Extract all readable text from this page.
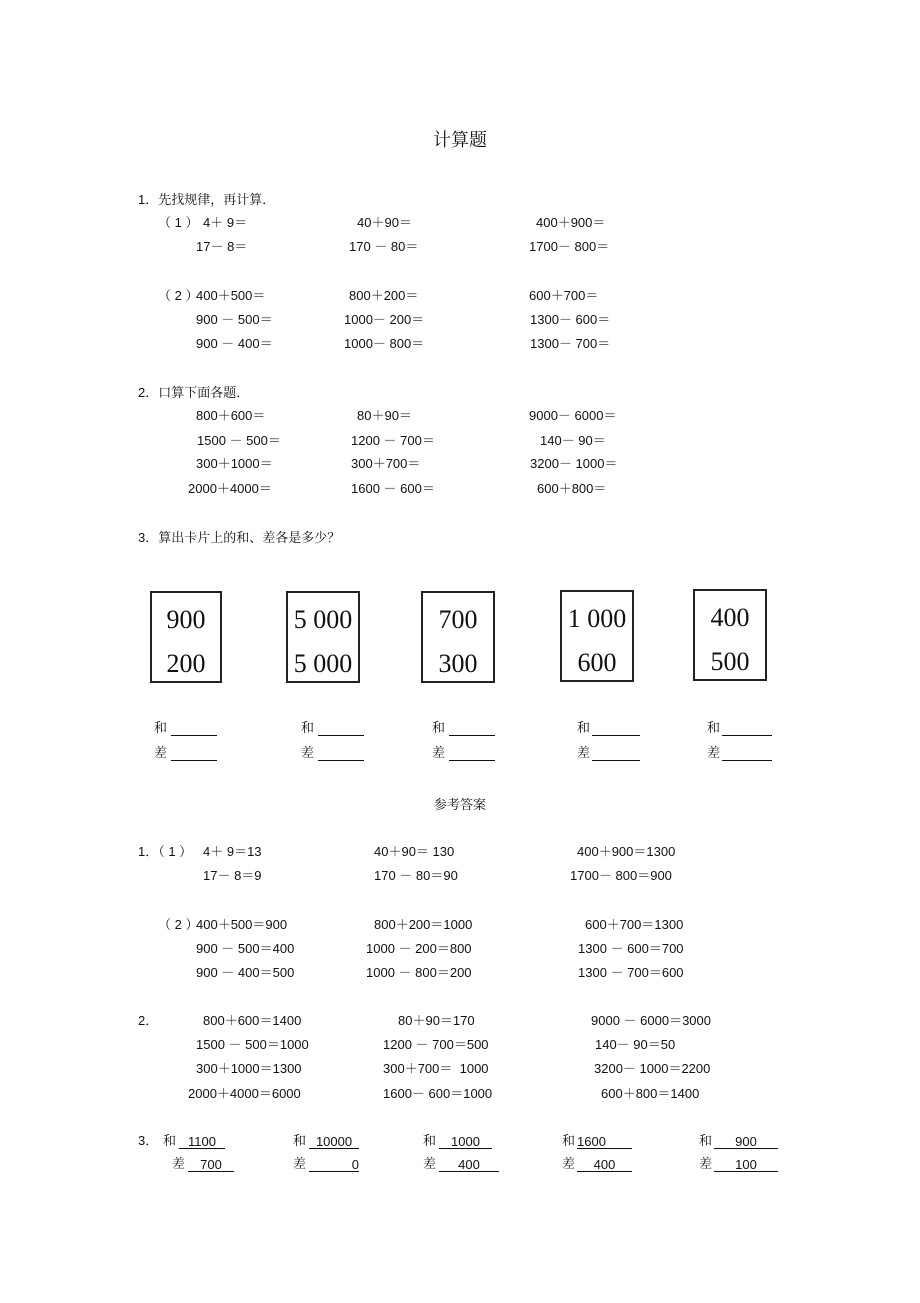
计算题
1．先找规律，再计算．
（ 1 ） 4＋ 9＝	40＋90＝	400＋900＝
17－ 8＝	170 － 80＝	1700－ 800＝
（ 2 ）
400＋500＝	800＋200＝	600＋700＝
900 － 500＝	1000－ 200＝	1300－ 600＝
900 － 400＝	1000－ 800＝	1300－ 700＝
2．口算下面各题．
800＋600＝	80＋90＝	9000－ 6000＝
1500 － 500＝	1200 － 700＝	140－ 90＝
300＋1000＝	300＋700＝	3200－ 1000＝
2000＋4000＝	1600 － 600＝	600＋800＝
3．算出卡片上的和、差各是多少？
900
200
5 000
5 000
700
300
1 000
600
400
500
和
差
和
差
和
差
和
差
和
差
参考答案
1．（ 1 ） 4＋ 9＝13	40＋90＝ 130	400＋900＝1300
17－ 8＝9	170 － 80＝90	1700－ 800＝900
（ 2 ）
400＋500＝900	800＋200＝1000	600＋700＝1300
900 － 500＝400	1000 － 200＝800	1300 － 600＝700
900 － 400＝500	1000 － 800＝200	1300 － 700＝600
2．	800＋600＝1400	80＋90＝170	9000 － 6000＝3000
1500 － 500＝1000	1200 － 700＝500	140－ 90＝50
300＋1000＝1300	300＋700＝  1000	3200－ 1000＝2200
2000＋4000＝6000	1600－ 600＝1000	600＋800＝1400
3． 和 1100
差 700
和 10000
差	0
和 1000
差 400
和 1600
差 400
和 900
差 100
